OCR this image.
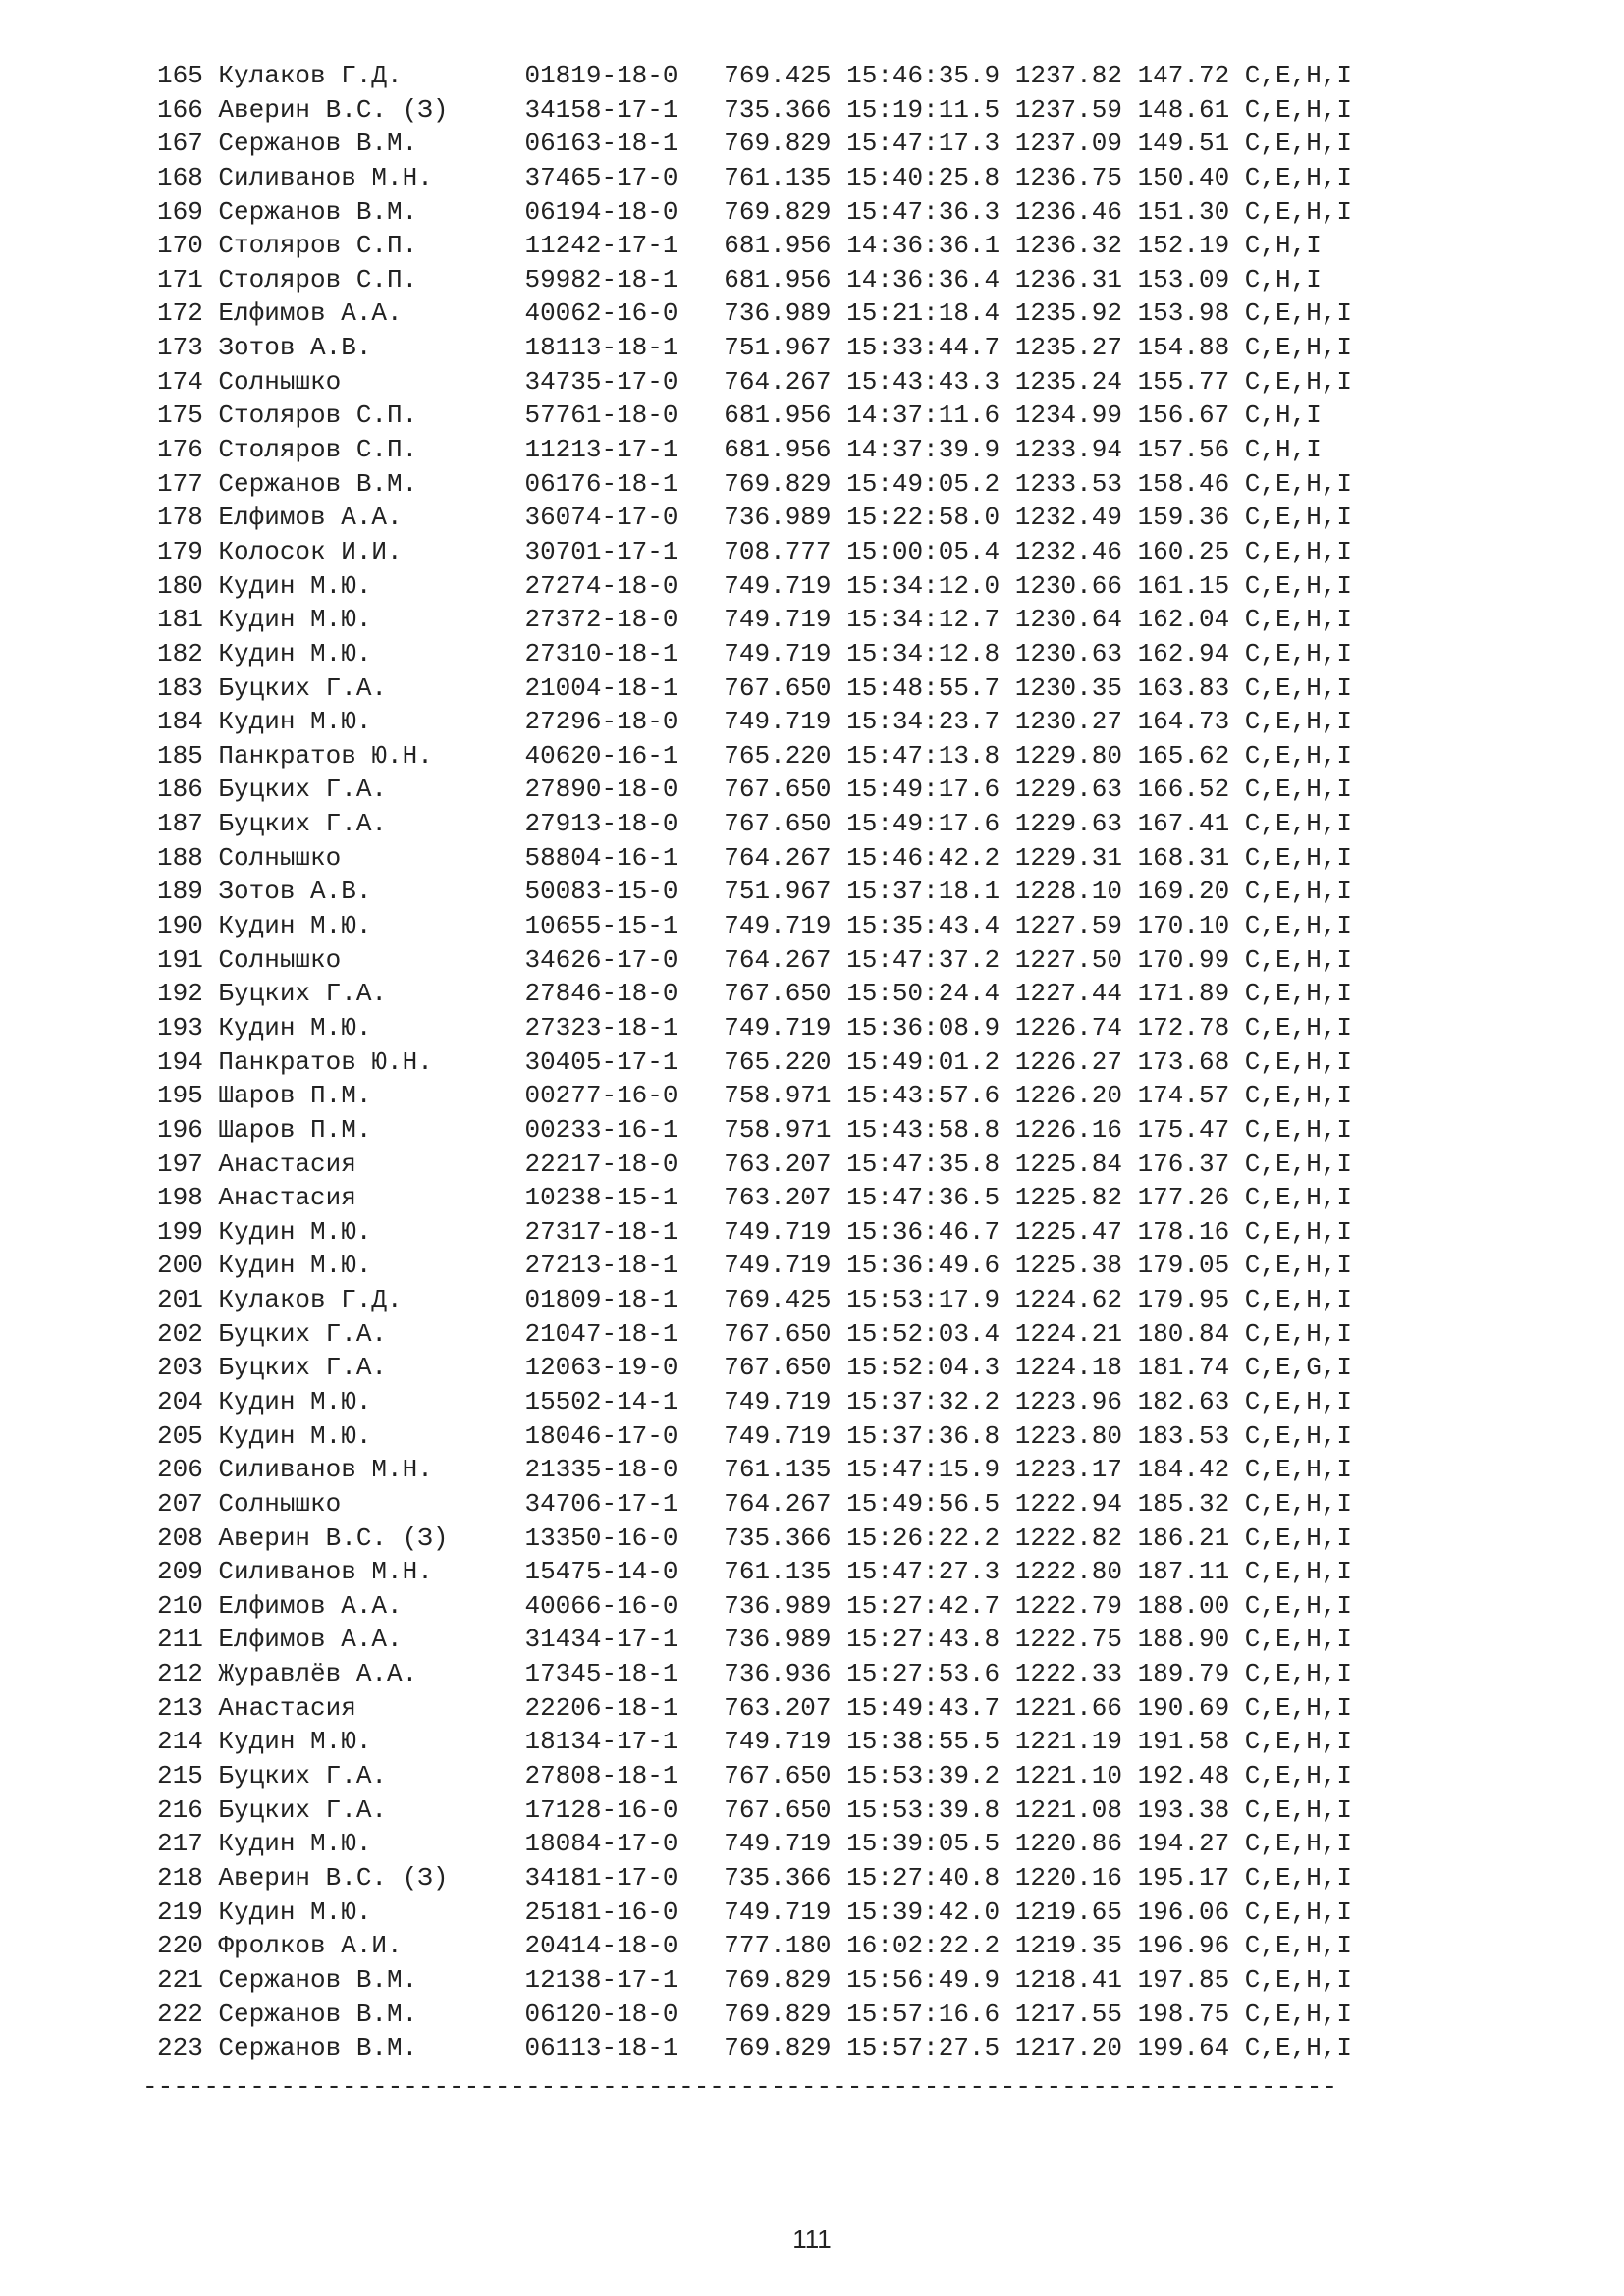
165 Кулаков Г.Д.        01819-18-0   769.425 15:46:35.9 1237.82 147.72 C,E,H,I
166 Аверин В.С. (З)     34158-17-1   735.366 15:19:11.5 1237.59 148.61 C,E,H,I
167 Сержанов В.М.       06163-18-1   769.829 15:47:17.3 1237.09 149.51 C,E,H,I
168 Силиванов М.Н.      37465-17-0   761.135 15:40:25.8 1236.75 150.40 C,E,H,I
169 Сержанов В.М.       06194-18-0   769.829 15:47:36.3 1236.46 151.30 C,E,H,I
170 Столяров С.П.       11242-17-1   681.956 14:36:36.1 1236.32 152.19 C,H,I
171 Столяров С.П.       59982-18-1   681.956 14:36:36.4 1236.31 153.09 C,H,I
172 Елфимов А.А.        40062-16-0   736.989 15:21:18.4 1235.92 153.98 C,E,H,I
173 Зотов А.В.          18113-18-1   751.967 15:33:44.7 1235.27 154.88 C,E,H,I
174 Солнышко            34735-17-0   764.267 15:43:43.3 1235.24 155.77 C,E,H,I
175 Столяров С.П.       57761-18-0   681.956 14:37:11.6 1234.99 156.67 C,H,I
176 Столяров С.П.       11213-17-1   681.956 14:37:39.9 1233.94 157.56 C,H,I
177 Сержанов В.М.       06176-18-1   769.829 15:49:05.2 1233.53 158.46 C,E,H,I
178 Елфимов А.А.        36074-17-0   736.989 15:22:58.0 1232.49 159.36 C,E,H,I
179 Колосок И.И.        30701-17-1   708.777 15:00:05.4 1232.46 160.25 C,E,H,I
180 Кудин М.Ю.          27274-18-0   749.719 15:34:12.0 1230.66 161.15 C,E,H,I
181 Кудин М.Ю.          27372-18-0   749.719 15:34:12.7 1230.64 162.04 C,E,H,I
182 Кудин М.Ю.          27310-18-1   749.719 15:34:12.8 1230.63 162.94 C,E,H,I
183 Буцких Г.А.         21004-18-1   767.650 15:48:55.7 1230.35 163.83 C,E,H,I
184 Кудин М.Ю.          27296-18-0   749.719 15:34:23.7 1230.27 164.73 C,E,H,I
185 Панкратов Ю.Н.      40620-16-1   765.220 15:47:13.8 1229.80 165.62 C,E,H,I
186 Буцких Г.А.         27890-18-0   767.650 15:49:17.6 1229.63 166.52 C,E,H,I
187 Буцких Г.А.         27913-18-0   767.650 15:49:17.6 1229.63 167.41 C,E,H,I
188 Солнышко            58804-16-1   764.267 15:46:42.2 1229.31 168.31 C,E,H,I
189 Зотов А.В.          50083-15-0   751.967 15:37:18.1 1228.10 169.20 C,E,H,I
190 Кудин М.Ю.          10655-15-1   749.719 15:35:43.4 1227.59 170.10 C,E,H,I
191 Солнышко            34626-17-0   764.267 15:47:37.2 1227.50 170.99 C,E,H,I
192 Буцких Г.А.         27846-18-0   767.650 15:50:24.4 1227.44 171.89 C,E,H,I
193 Кудин М.Ю.          27323-18-1   749.719 15:36:08.9 1226.74 172.78 C,E,H,I
194 Панкратов Ю.Н.      30405-17-1   765.220 15:49:01.2 1226.27 173.68 C,E,H,I
195 Шаров П.М.          00277-16-0   758.971 15:43:57.6 1226.20 174.57 C,E,H,I
196 Шаров П.М.          00233-16-1   758.971 15:43:58.8 1226.16 175.47 C,E,H,I
197 Анастасия           22217-18-0   763.207 15:47:35.8 1225.84 176.37 C,E,H,I
198 Анастасия           10238-15-1   763.207 15:47:36.5 1225.82 177.26 C,E,H,I
199 Кудин М.Ю.          27317-18-1   749.719 15:36:46.7 1225.47 178.16 C,E,H,I
200 Кудин М.Ю.          27213-18-1   749.719 15:36:49.6 1225.38 179.05 C,E,H,I
201 Кулаков Г.Д.        01809-18-1   769.425 15:53:17.9 1224.62 179.95 C,E,H,I
202 Буцких Г.А.         21047-18-1   767.650 15:52:03.4 1224.21 180.84 C,E,H,I
203 Буцких Г.А.         12063-19-0   767.650 15:52:04.3 1224.18 181.74 C,E,G,I
204 Кудин М.Ю.          15502-14-1   749.719 15:37:32.2 1223.96 182.63 C,E,H,I
205 Кудин М.Ю.          18046-17-0   749.719 15:37:36.8 1223.80 183.53 C,E,H,I
206 Силиванов М.Н.      21335-18-0   761.135 15:47:15.9 1223.17 184.42 C,E,H,I
207 Солнышко            34706-17-1   764.267 15:49:56.5 1222.94 185.32 C,E,H,I
208 Аверин В.С. (З)     13350-16-0   735.366 15:26:22.2 1222.82 186.21 C,E,H,I
209 Силиванов М.Н.      15475-14-0   761.135 15:47:27.3 1222.80 187.11 C,E,H,I
210 Елфимов А.А.        40066-16-0   736.989 15:27:42.7 1222.79 188.00 C,E,H,I
211 Елфимов А.А.        31434-17-1   736.989 15:27:43.8 1222.75 188.90 C,E,H,I
212 Журавлёв А.А.       17345-18-1   736.936 15:27:53.6 1222.33 189.79 C,E,H,I
213 Анастасия           22206-18-1   763.207 15:49:43.7 1221.66 190.69 C,E,H,I
214 Кудин М.Ю.          18134-17-1   749.719 15:38:55.5 1221.19 191.58 C,E,H,I
215 Буцких Г.А.         27808-18-1   767.650 15:53:39.2 1221.10 192.48 C,E,H,I
216 Буцких Г.А.         17128-16-0   767.650 15:53:39.8 1221.08 193.38 C,E,H,I
217 Кудин М.Ю.          18084-17-0   749.719 15:39:05.5 1220.86 194.27 C,E,H,I
218 Аверин В.С. (З)     34181-17-0   735.366 15:27:40.8 1220.16 195.17 C,E,H,I
219 Кудин М.Ю.          25181-16-0   749.719 15:39:42.0 1219.65 196.06 C,E,H,I
220 Фролков А.И.        20414-18-0   777.180 16:02:22.2 1219.35 196.96 C,E,H,I
221 Сержанов В.М.       12138-17-1   769.829 15:56:49.9 1218.41 197.85 C,E,H,I
222 Сержанов В.М.       06120-18-0   769.829 15:57:16.6 1217.55 198.75 C,E,H,I
223 Сержанов В.М.       06113-18-1   769.829 15:57:27.5 1217.20 199.64 C,E,H,I
------------------------------------------------------------------------------
111
